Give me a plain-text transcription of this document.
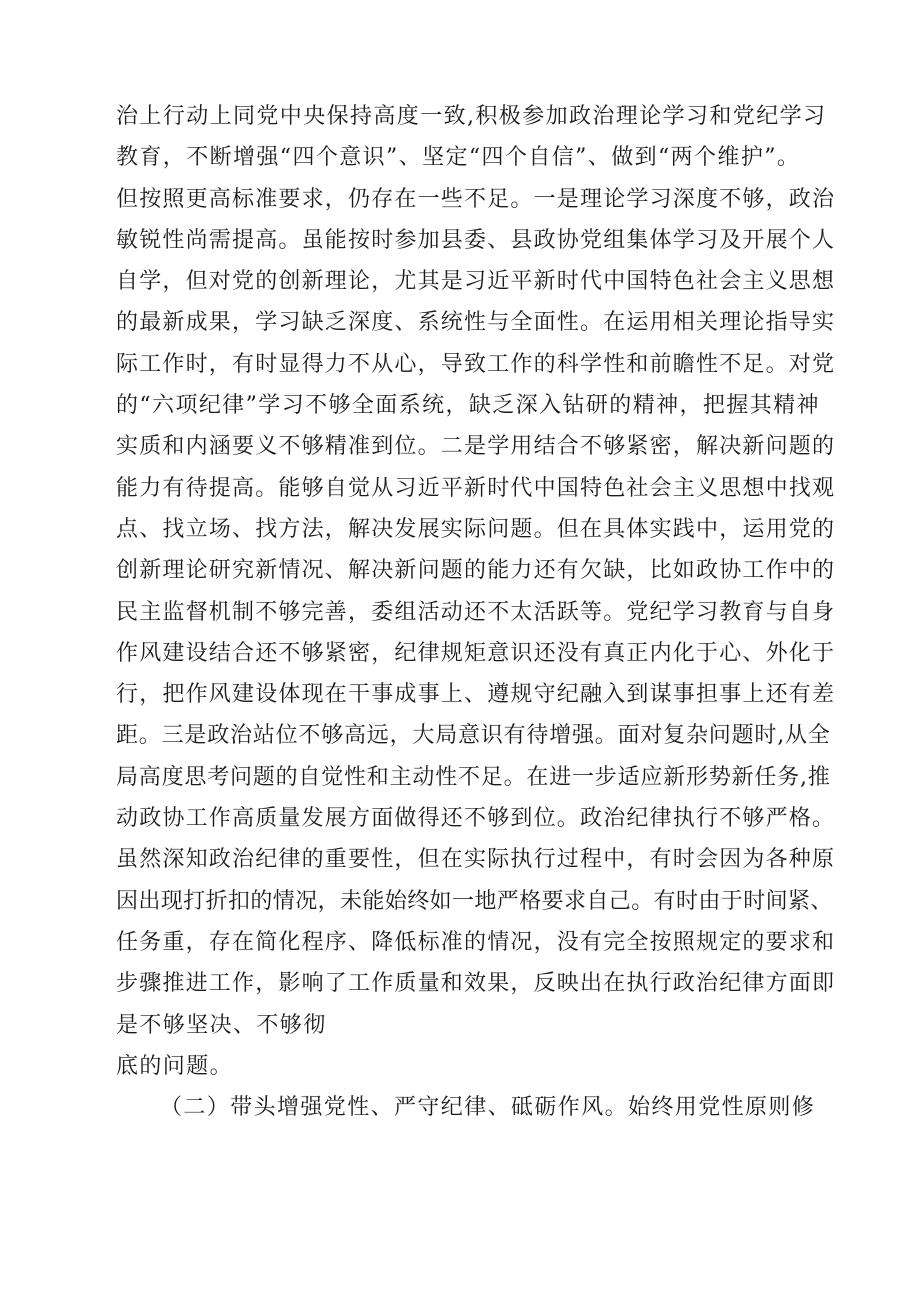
治上行动上同党中央保持高度一致,积极参加政治理论学习和党纪学习
教育，不断增强“四个意识”、坚定“四个自信”、做到“两个维护”。
但按照更高标准要求，仍存在一些不足。一是理论学习深度不够，政治
敏锐性尚需提高。虽能按时参加县委、县政协党组集体学习及开展个人
自学，但对党的创新理论，尤其是习近平新时代中国特色社会主义思想
的最新成果，学习缺乏深度、系统性与全面性。在运用相关理论指导实
际工作时，有时显得力不从心，导致工作的科学性和前瞻性不足。对党
的“六项纪律”学习不够全面系统，缺乏深入钻研的精神，把握其精神
实质和内涵要义不够精准到位。二是学用结合不够紧密，解决新问题的
能力有待提高。能够自觉从习近平新时代中国特色社会主义思想中找观
点、找立场、找方法，解决发展实际问题。但在具体实践中，运用党的
创新理论研究新情况、解决新问题的能力还有欠缺，比如政协工作中的
民主监督机制不够完善，委组活动还不太活跃等。党纪学习教育与自身
作风建设结合还不够紧密，纪律规矩意识还没有真正内化于心、外化于
行，把作风建设体现在干事成事上、遵规守纪融入到谋事担事上还有差
距。三是政治站位不够高远，大局意识有待增强。面对复杂问题时,从全
局高度思考问题的自觉性和主动性不足。在进一步适应新形势新任务,推
动政协工作高质量发展方面做得还不够到位。政治纪律执行不够严格。
虽然深知政治纪律的重要性，但在实际执行过程中，有时会因为各种原
因出现打折扣的情况，未能始终如一地严格要求自己。有时由于时间紧、
任务重，存在简化程序、降低标准的情况，没有完全按照规定的要求和
步骤推进工作，影响了工作质量和效果，反映出在执行政治纪律方面即
是不够坚决、不够彻
底的问题。
（二）带头增强党性、严守纪律、砥砺作风。始终用党性原则修
